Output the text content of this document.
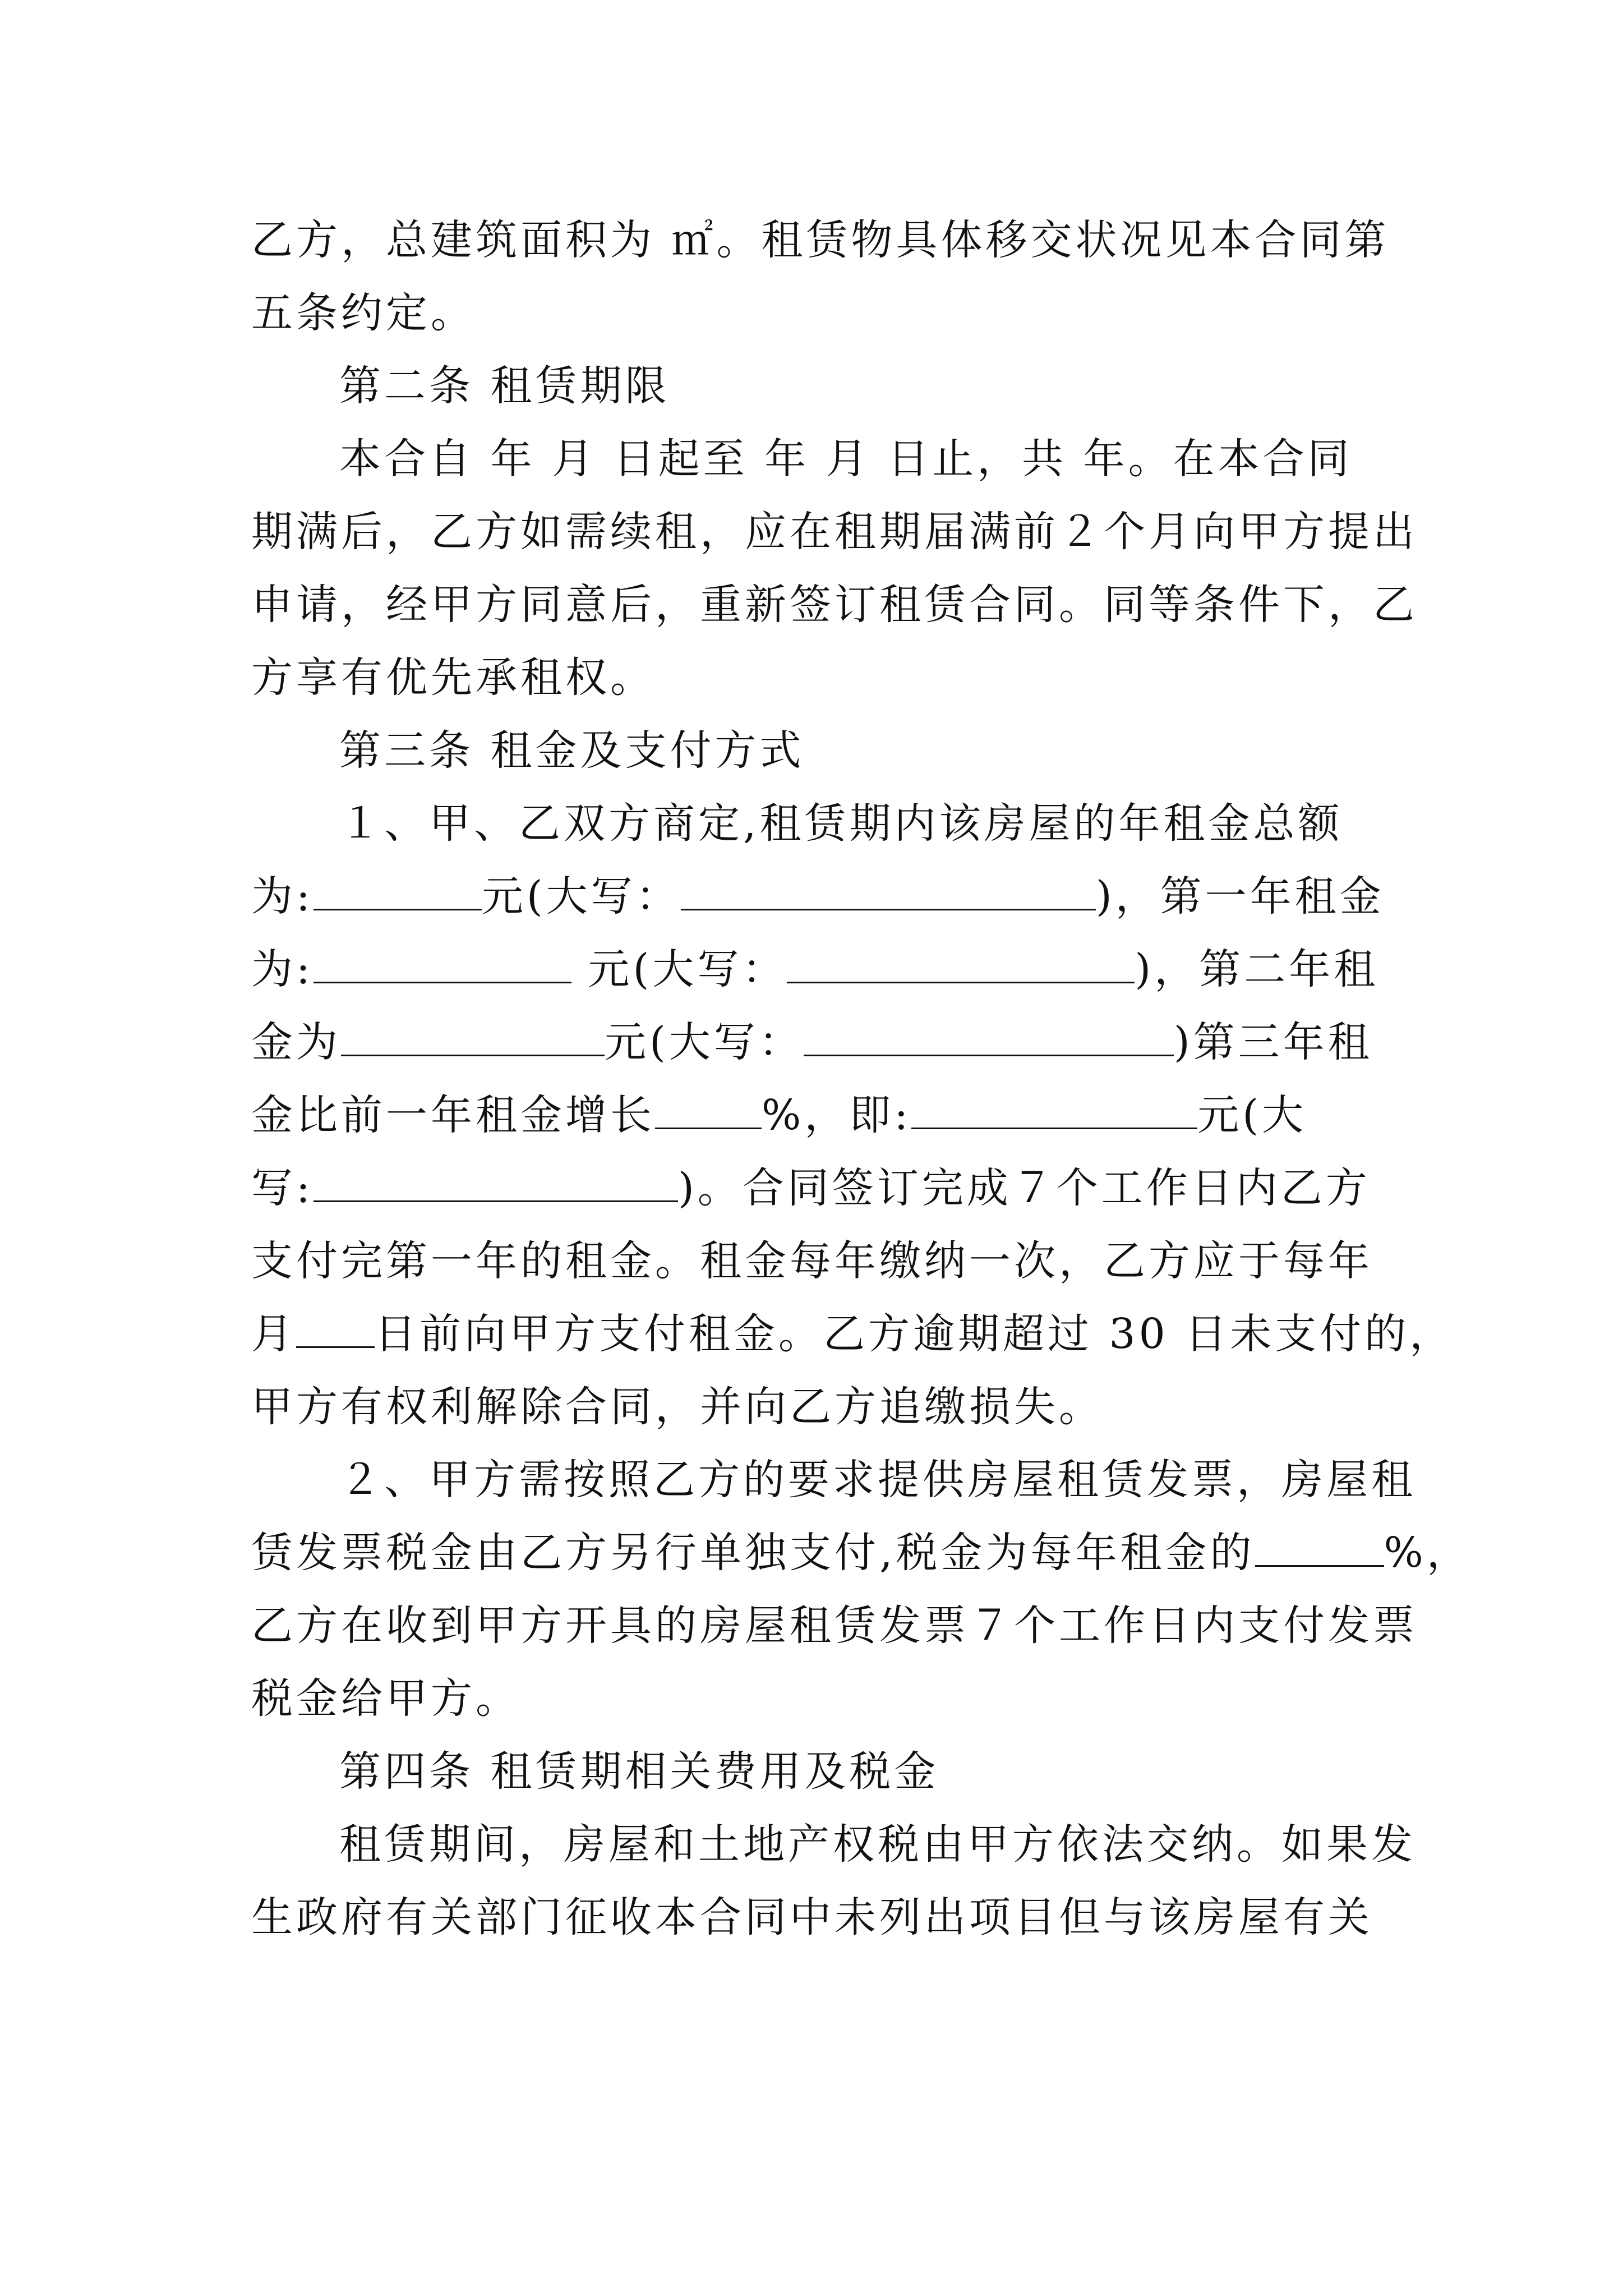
乙方，总建筑面积为 ㎡。租赁物具体移交状况见本合同第
五条约定。
第二条 租赁期限
本合自 年 月 日起至 年 月 日止，共 年。在本合同
期满后，乙方如需续租，应在租期届满前２个月向甲方提出
申请，经甲方同意后，重新签订租赁合同。同等条件下，乙
方享有优先承租权。
第三条 租金及支付方式
１、甲、乙双方商定,租赁期内该房屋的年租金总额
为:	元(大写：	)，第一年租金
为:	元(大写：	)，第二年租
金为	元(大写：	)第三年租
金比前一年租金增长	%，即:	元(大
写:	)。合同签订完成７个工作日内乙方
支付完第一年的租金。租金每年缴纳一次，乙方应于每年
月 日前向甲方支付租金。乙方逾期超过 30 日未支付的，
甲方有权利解除合同，并向乙方追缴损失。
２、甲方需按照乙方的要求提供房屋租赁发票，房屋租
赁发票税金由乙方另行单独支付,税金为每年租金的	%，
乙方在收到甲方开具的房屋租赁发票７个工作日内支付发票
税金给甲方。
第四条 租赁期相关费用及税金
租赁期间，房屋和土地产权税由甲方依法交纳。如果发
生政府有关部门征收本合同中未列出项目但与该房屋有关
